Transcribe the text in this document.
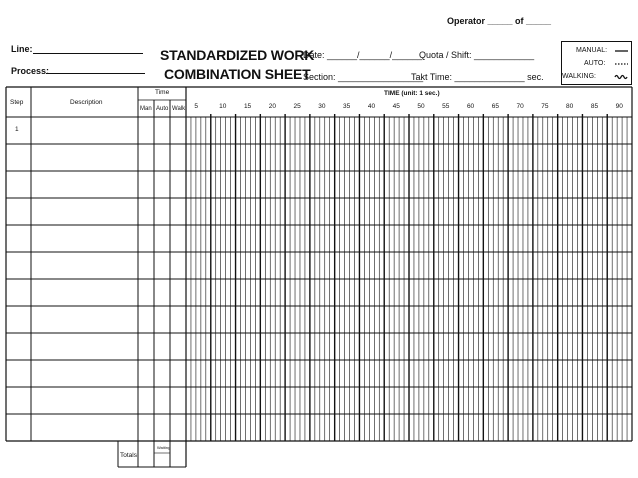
Operator _____ of _____
Line:
Process:
STANDARDIZED WORK
COMBINATION SHEET
Date: ______/______/______
Section: _________________
Quota / Shift: ____________
Takt Time: ______________ sec.
MANUAL:
AUTO:
WALKING:
Step	Description
Time
Man Auto Walk
TIME (unit: 1 sec.)
5	10	15	20	25	30	35	40	45	50	55	60	65	70	75	80	85	90
1
Totals
Waiting
